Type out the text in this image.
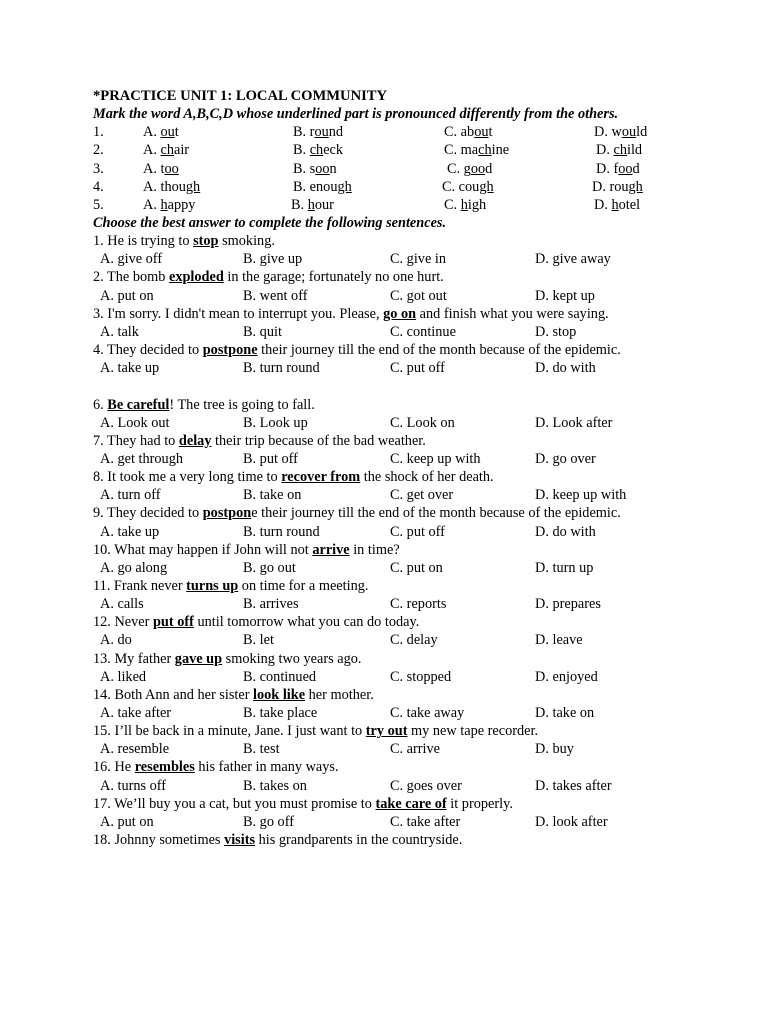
*PRACTICE UNIT 1: LOCAL COMMUNITY
Mark the word A,B,C,D whose underlined part is pronounced differently from the others.
1.	A. out	B. round	C. about	D. would
2.	A. chair	B. check	C. machine	D. child
3.	A. too	B. soon	C. good	D. food
4.	A. though	B. enough	C. cough	D. rough
5.	A. happy	B. hour	C. high	D. hotel
Choose the best answer to complete the following sentences.
1. He is trying to stop smoking.
A. give off	B. give up	C. give in	D. give away
2. The bomb exploded in the garage; fortunately no one hurt.
A. put on	B. went off	C. got out	D. kept up
3. I'm sorry. I didn't mean to interrupt you. Please, go on and finish what you were saying.
A. talk	B. quit	C. continue	D. stop
4. They decided to postpone their journey till the end of the month because of the epidemic.
A. take up	B. turn round	C. put off	D. do with
6. Be careful! The tree is going to fall.
A. Look out	B. Look up	C. Look on	D. Look after
7. They had to delay their trip because of the bad weather.
A. get through	B. put off	C. keep up with	D. go over
8. It took me a very long time to recover from the shock of her death.
A. turn off	B. take on	C. get over	D. keep up with
9. They decided to postpone their journey till the end of the month because of the epidemic.
A. take up	B. turn round	C. put off	D. do with
10. What may happen if John will not arrive in time?
A. go along	B. go out	C. put on	D. turn up
11. Frank never turns up on time for a meeting.
A. calls	B. arrives	C. reports	D. prepares
12. Never put off until tomorrow what you can do today.
A. do	B. let	C. delay	D. leave
13. My father gave up smoking two years ago.
A. liked	B. continued	C. stopped	D. enjoyed
14. Both Ann and her sister look like her mother.
A. take after	B. take place	C. take away	D. take on
15. I’ll be back in a minute, Jane. I just want to try out my new tape recorder.
A. resemble	B. test	C. arrive	D. buy
16. He resembles his father in many ways.
A. turns off	B. takes on	C. goes over	D. takes after
17. We’ll buy you a cat, but you must promise to take care of it properly.
A. put on	B. go off	C. take after	D. look after
18. Johnny sometimes visits his grandparents in the countryside.
